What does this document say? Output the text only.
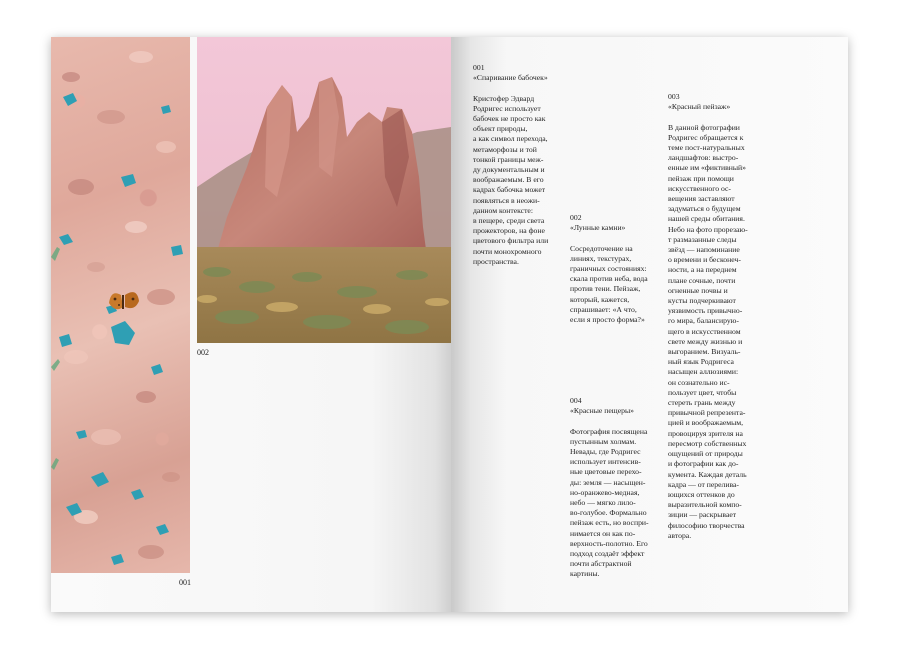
001
002
001
«Спаривание бабочек»
Кристофер Эдвард
Родригес использует
бабочек не просто как
объект природы,
а как символ перехода,
метаморфозы и той
тонкой границы меж-
ду документальным и
воображаемым. В его
кадрах бабочка может
появляться в неожи-
данном контексте:
в пещере, среди света
прожекторов, на фоне
цветового фильтра или
почти монохромного
пространства.
002
«Лунные камни»
Сосредоточение на
линиях, текстурах,
граничных состояниях:
скала против неба, вода
против тени. Пейзаж,
который, кажется,
спрашивает: «А что,
если я просто форма?»
004
«Красные пещеры»
Фотография посвящена
пустынным холмам.
Невады, где Родригес
использует интенсив-
ные цветовые перехо-
ды: земля — насыщен-
но-оранжево-медная,
небо — мягко лило-
во-голубое. Формально
пейзаж есть, но воспри-
нимается он как по-
верхность-полотно. Его
подход создаёт эффект
почти абстрактной
картины.
003
«Красный пейзаж»
В данной фотографии
Родригес обращается к
теме пост-натуральных
ландшафтов: выстро-
енные им «фиктивный»
пейзаж при помощи
искусственного ос-
вещения заставляют
задуматься о будущем
нашей среды обитания.
Небо на фото прорезаю-
т размазанные следы
звёзд — напоминание
о времени и бесконеч-
ности, а на переднем
плане сочные, почти
огненные почвы и
кусты подчеркивают
уязвимость привычно-
го мира, балансирую-
щего в искусственном
свете между жизнью и
выгоранием. Визуаль-
ный язык Родригеса
насыщен аллюзиями:
он сознательно ис-
пользует цвет, чтобы
стереть грань между
привычной репрезента-
цией и воображаемым,
провоцируя зрителя на
пересмотр собственных
ощущений от природы
и фотографии как до-
кумента. Каждая деталь
кадра — от перелива-
ющихся оттенков до
выразительной компо-
зиции — раскрывает
философию творчества
автора.
